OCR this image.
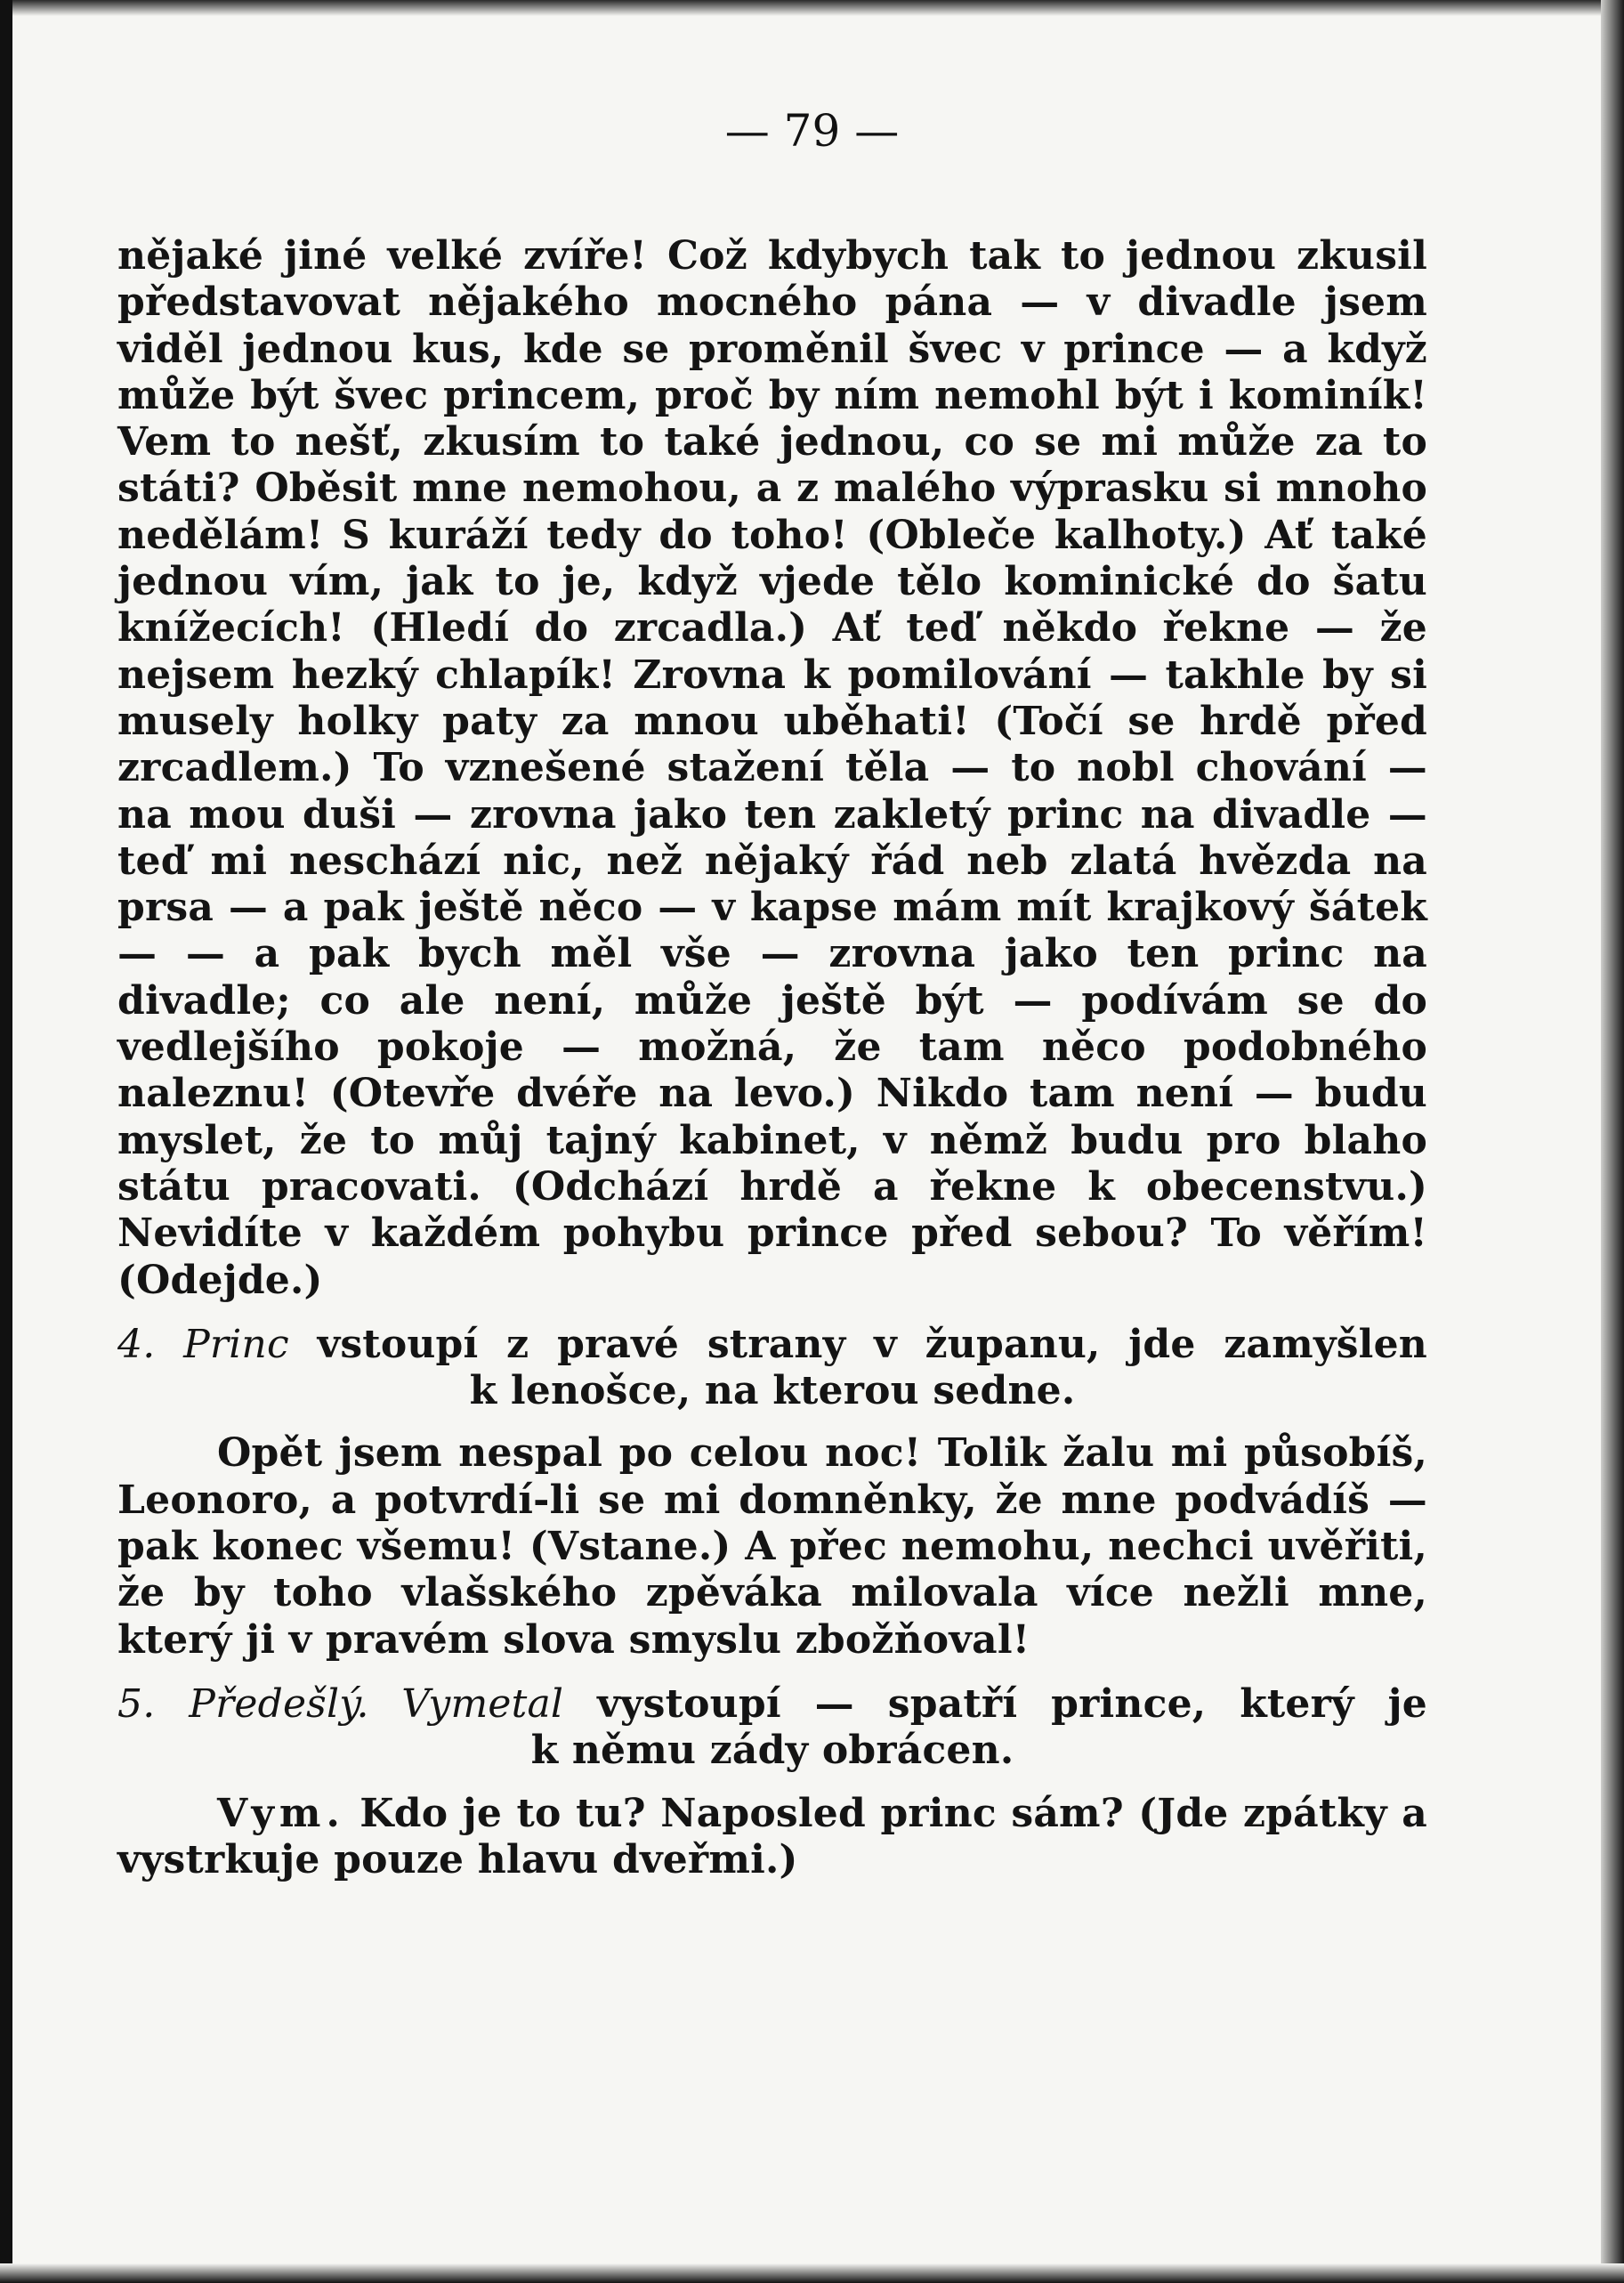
— 79 —

nějaké jiné velké zvíře! Což kdybych tak to jednou zkusil představovat nějakého mocného pána — v divadle jsem viděl jednou kus, kde se proměnil švec v prince — a když může být švec princem, proč by ním nemohl být i kominík! Vem to nešť, zkusím to také jednou, co se mi může za to státi? Oběsit mne nemohou, a z malého výprasku si mnoho nedělám! S kuráží tedy do toho! (Obleče kalhoty.) Ať také jednou vím, jak to je, když vjede tělo kominické do šatu knížecích! (Hledí do zrcadla.) Ať teď někdo řekne — že nejsem hezký chlapík! Zrovna k pomilování — takhle by si musely holky paty za mnou uběhati! (Točí se hrdě před zrcadlem.) To vznešené stažení těla — to nobl chování — na mou duši — zrovna jako ten zakletý princ na divadle — teď mi neschází nic, než nějaký řád neb zlatá hvězda na prsa — a pak ještě něco — v kapse mám mít krajkový šátek — — a pak bych měl vše — zrovna jako ten princ na divadle; co ale není, může ještě být — podívám se do vedlejšího pokoje — možná, že tam něco podobného naleznu! (Otevře dvéře na levo.) Nikdo tam není — budu myslet, že to můj tajný kabinet, v němž budu pro blaho státu pracovati. (Odchází hrdě a řekne k obecenstvu.) Nevidíte v každém pohybu prince před sebou? To věřím! (Odejde.)

4. Princ vstoupí z pravé strany v županu, jde zamyšlen
k lenošce, na kterou sedne.

Opět jsem nespal po celou noc! Tolik žalu mi působíš, Leonoro, a potvrdí-li se mi domněnky, že mne podvádíš — pak konec všemu! (Vstane.) A přec nemohu, nechci uvěřiti, že by toho vlašského zpěváka milovala více nežli mne, který ji v pravém slova smyslu zbožňoval!

5. Předešlý. Vymetal vystoupí — spatří prince, který je
k němu zády obrácen.

Vym. Kdo je to tu? Naposled princ sám? (Jde zpátky a vystrkuje pouze hlavu dveřmi.)
